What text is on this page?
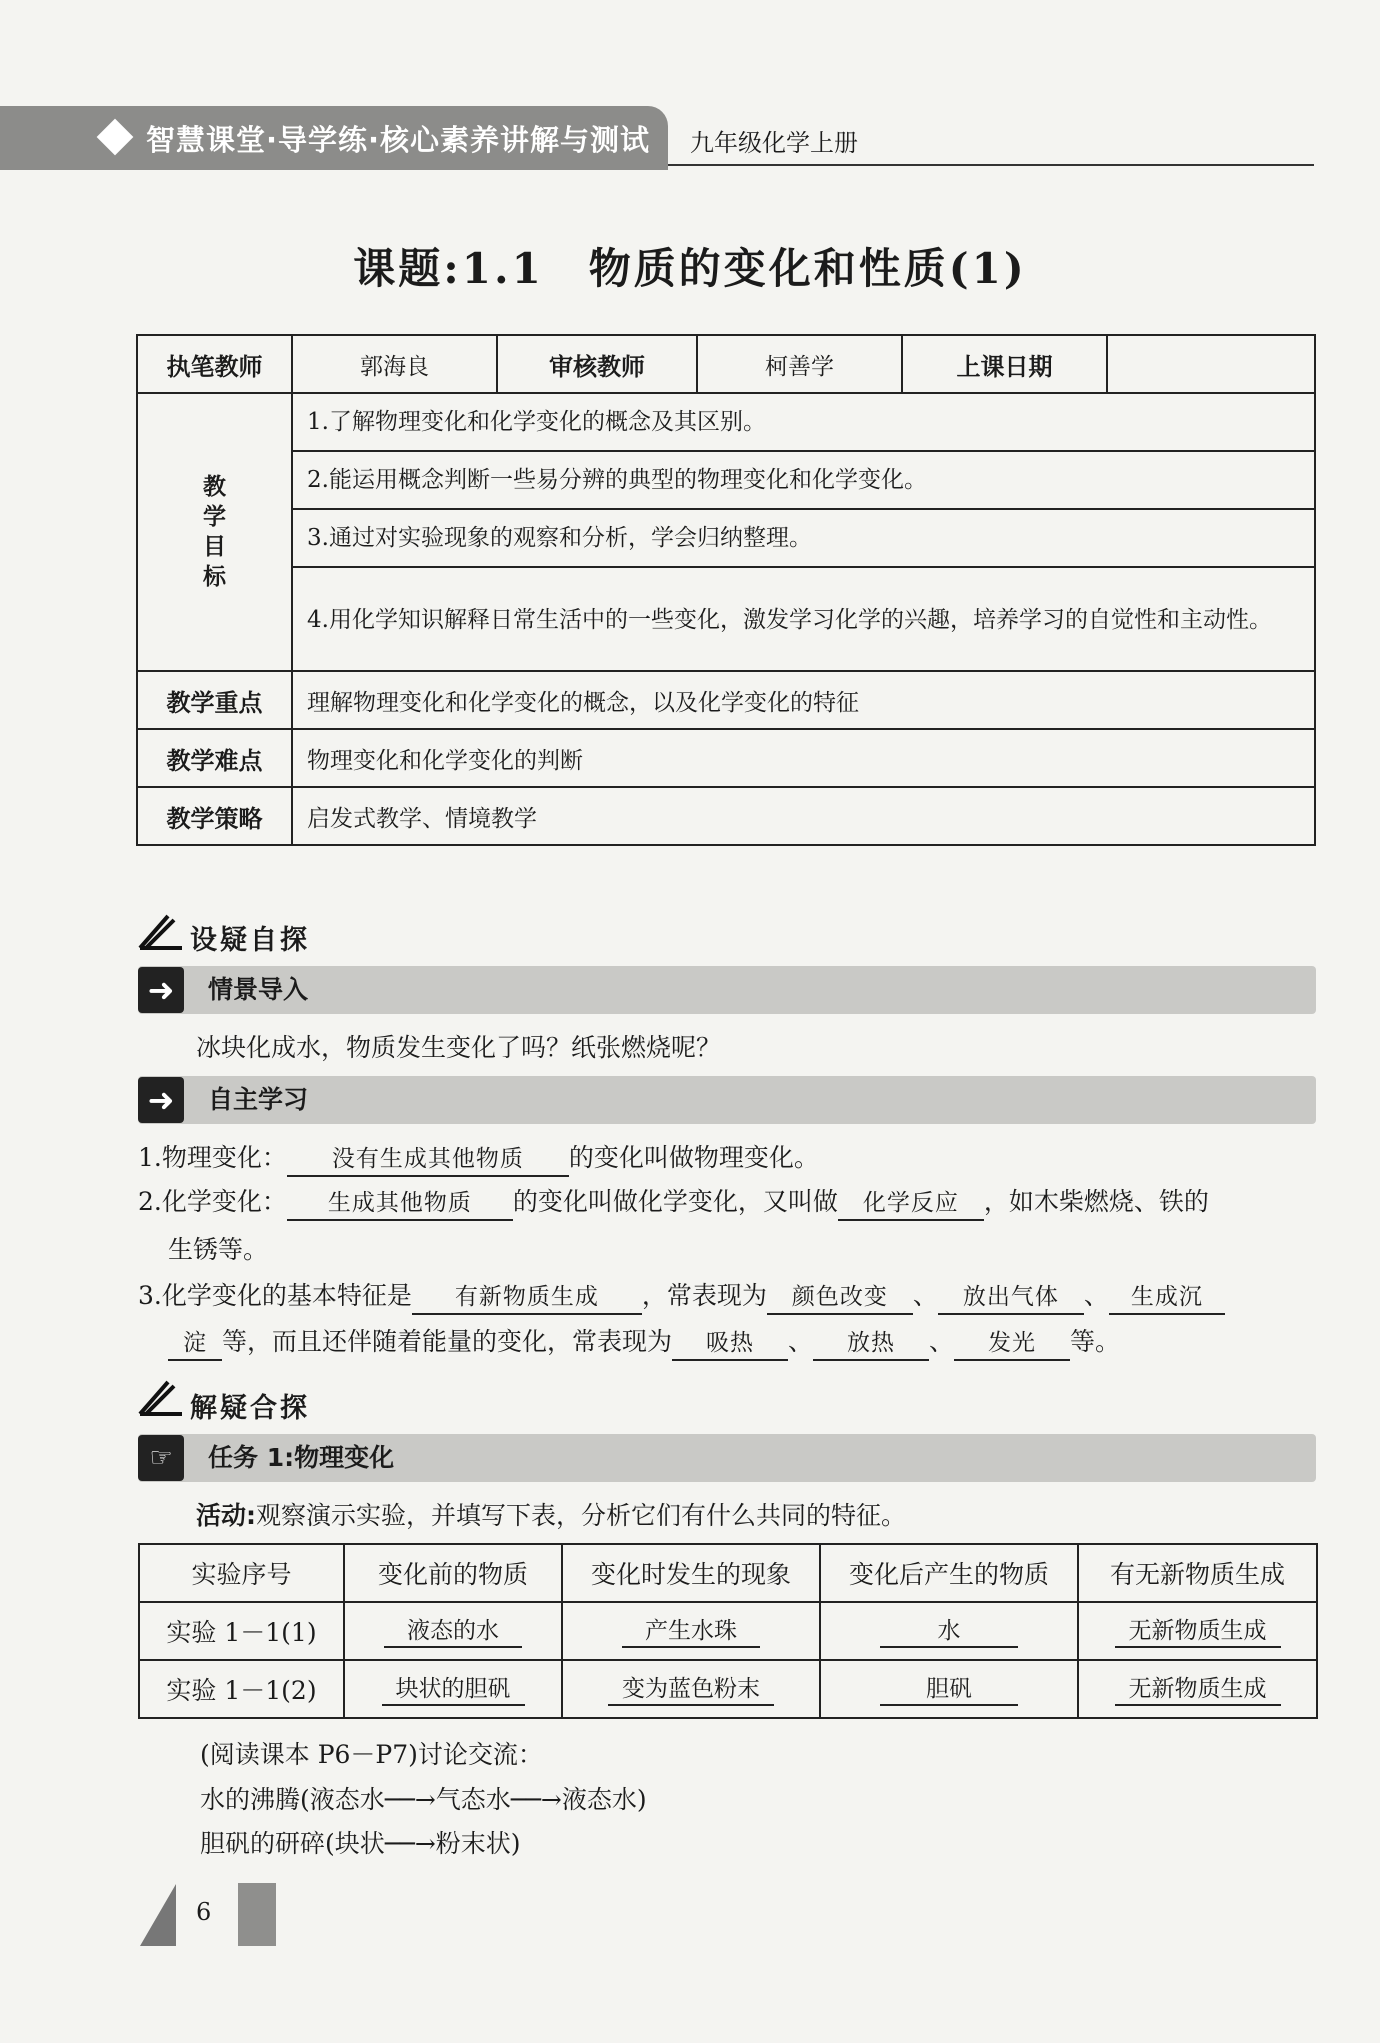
智慧课堂·导学练·核心素养讲解与测试 九年级化学上册
课题:1.1　物质的变化和性质(1)
执笔教师	郭海良	审核教师	柯善学	上课日期	

教
学
目
标	1.了解物理变化和化学变化的概念及其区别。				
	2.能运用概念判断一些易分辨的典型的物理变化和化学变化。				
	3.通过对实验现象的观察和分析，学会归纳整理。				
	4.用化学知识解释日常生活中的一些变化，激发学习化学的兴趣，培养学习的自觉性和主动性。				
教学重点	理解物理变化和化学变化的概念，以及化学变化的特征				
教学难点	物理变化和化学变化的判断				
教学策略	启发式教学、情境教学				
设疑自探
➜	情景导入
冰块化成水，物质发生变化了吗？纸张燃烧呢？
➜	自主学习
1.物理变化： 没有生成其他物质 的变化叫做物理变化。
2.化学变化： 生成其他物质 的变化叫做化学变化，又叫做 化学反应 ，如木柴燃烧、铁的
生锈等。
3.化学变化的基本特征是 有新物质生成 ，常表现为 颜色改变 、 放出气体 、 生成沉
淀 等，而且还伴随着能量的变化，常表现为 吸热 、 放热 、 发光 等。
解疑合探
☞	任务 1:物理变化
活动:观察演示实验，并填写下表，分析它们有什么共同的特征。
实验序号	变化前的物质	变化时发生的现象	变化后产生的物质	有无新物质生成
实验 1－1(1)	液态的水	产生水珠	水	无新物质生成
实验 1－1(2)	块状的胆矾	变为蓝色粉末	胆矾	无新物质生成
(阅读课本 P6－P7)讨论交流：
水的沸腾(液态水──→气态水──→液态水)
胆矾的研碎(块状──→粉末状)
6
